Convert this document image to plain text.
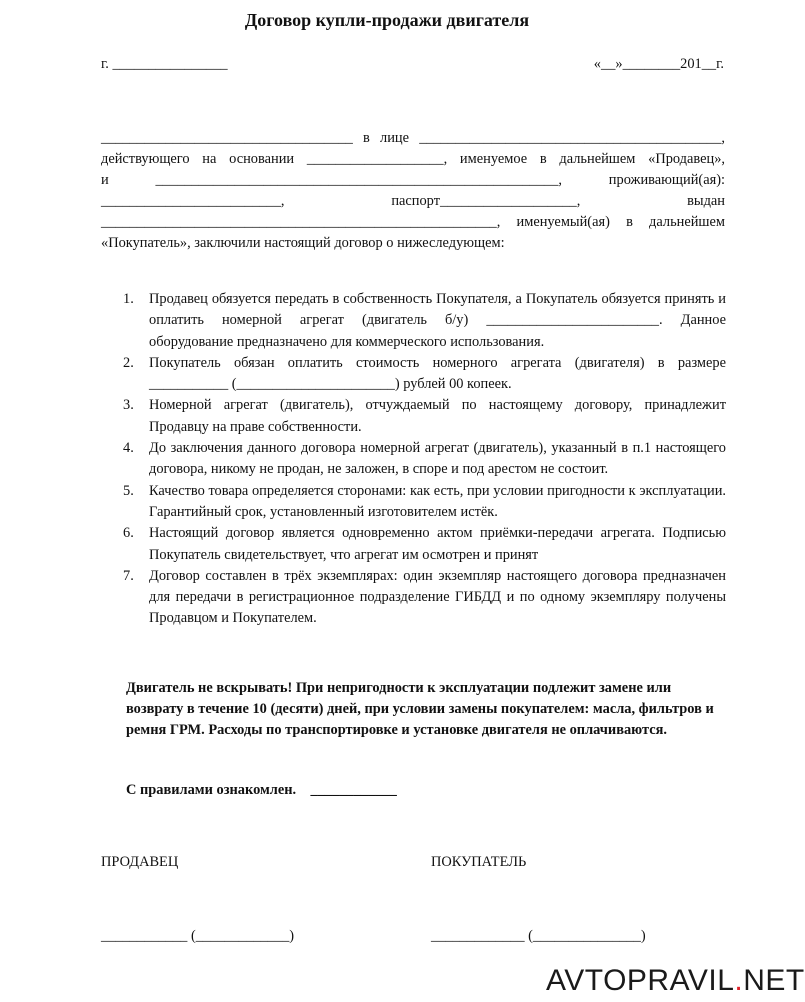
Договор купли-продажи двигателя
г. ________________	«__»________201__г.
___________________________________ в лице __________________________________________,
действующего на основании ___________________, именуемое в дальнейшем «Продавец»,
и ________________________________________________________, проживающий(ая):
_________________________, паспорт___________________, выдан
_______________________________________________________, именуемый(ая) в дальнейшем
«Покупатель», заключили настоящий договор о нижеследующем:
1. Продавец обязуется передать в собственность Покупателя, а Покупатель обязуется принять и оплатить номерной агрегат (двигатель б/у) ________________________. Данное оборудование предназначено для коммерческого использования.
2. Покупатель обязан оплатить стоимость номерного агрегата (двигателя) в размере ___________ (______________________) рублей 00 копеек.
3. Номерной агрегат (двигатель), отчуждаемый по настоящему договору, принадлежит Продавцу на праве собственности.
4. До заключения данного договора номерной агрегат (двигатель), указанный в п.1 настоящего договора, никому не продан, не заложен, в споре и под арестом не состоит.
5. Качество товара определяется сторонами: как есть, при условии пригодности к эксплуатации. Гарантийный срок, установленный изготовителем истёк.
6. Настоящий договор является одновременно актом приёмки-передачи агрегата. Подписью Покупатель свидетельствует, что агрегат им осмотрен и принят
7. Договор составлен в трёх экземплярах: один экземпляр настоящего договора предназначен для передачи в регистрационное подразделение ГИБДД и по одному экземпляру получены Продавцом и Покупателем.
Двигатель не вскрывать! При непригодности к эксплуатации подлежит замене или возврату в течение 10 (десяти) дней, при условии замены покупателем: масла, фильтров и ремня ГРМ. Расходы по транспортировке и установке двигателя не оплачиваются.
С правилами ознакомлен.    ____________
ПРОДАВЕЦ	ПОКУПАТЕЛЬ
____________ (_____________)	_____________ (_______________)
AVTOPRAVIL.NET
